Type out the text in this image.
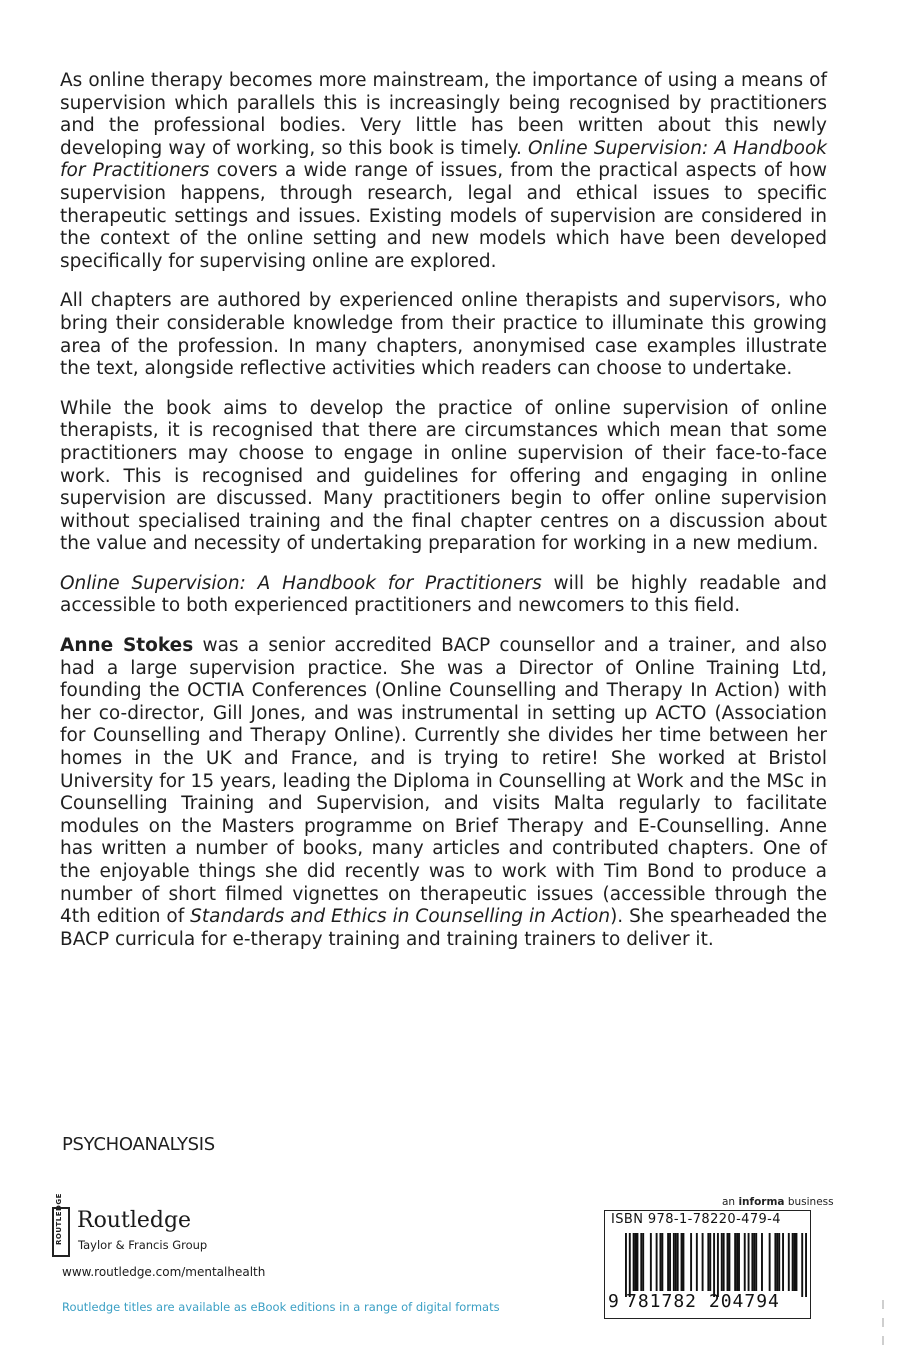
As online therapy becomes more mainstream, the importance of using a means of supervision which parallels this is increasingly being recognised by practitioners and the professional bodies. Very little has been written about this newly developing way of working, so this book is timely. Online Supervision: A Handbook for Practitioners covers a wide range of issues, from the practical aspects of how supervision happens, through research, legal and ethical issues to specific therapeutic settings and issues. Existing models of supervision are considered in the context of the online setting and new models which have been developed specifically for supervising online are explored.

All chapters are authored by experienced online therapists and supervisors, who bring their considerable knowledge from their practice to illuminate this growing area of the profession. In many chapters, anonymised case examples illustrate the text, alongside reflective activities which readers can choose to undertake.

While the book aims to develop the practice of online supervision of online therapists, it is recognised that there are circumstances which mean that some practitioners may choose to engage in online supervision of their face-to-face work. This is recognised and guidelines for offering and engaging in online supervision are discussed. Many practitioners begin to offer online supervision without specialised training and the final chapter centres on a discussion about the value and necessity of undertaking preparation for working in a new medium.

Online Supervision: A Handbook for Practitioners will be highly readable and accessible to both experienced practitioners and newcomers to this field.

Anne Stokes was a senior accredited BACP counsellor and a trainer, and also had a large supervision practice. She was a Director of Online Training Ltd, founding the OCTIA Conferences (Online Counselling and Therapy In Action) with her co-director, Gill Jones, and was instrumental in setting up ACTO (Association for Counselling and Therapy Online). Currently she divides her time between her homes in the UK and France, and is trying to retire! She worked at Bristol University for 15 years, leading the Diploma in Counselling at Work and the MSc in Counselling Training and Supervision, and visits Malta regularly to facilitate modules on the Masters programme on Brief Therapy and E-Counselling. Anne has written a number of books, many articles and contributed chapters. One of the enjoyable things she did recently was to work with Tim Bond to produce a number of short filmed vignettes on therapeutic issues (accessible through the 4th edition of Standards and Ethics in Counselling in Action). She spearheaded the BACP curricula for e-therapy training and training trainers to deliver it.

PSYCHOANALYSIS
ROUTLEDGE Routledge
Taylor & Francis Group
www.routledge.com/mentalhealth
Routledge titles are available as eBook editions in a range of digital formats
an informa business
ISBN 978-1-78220-479-4
9 781782 204794
